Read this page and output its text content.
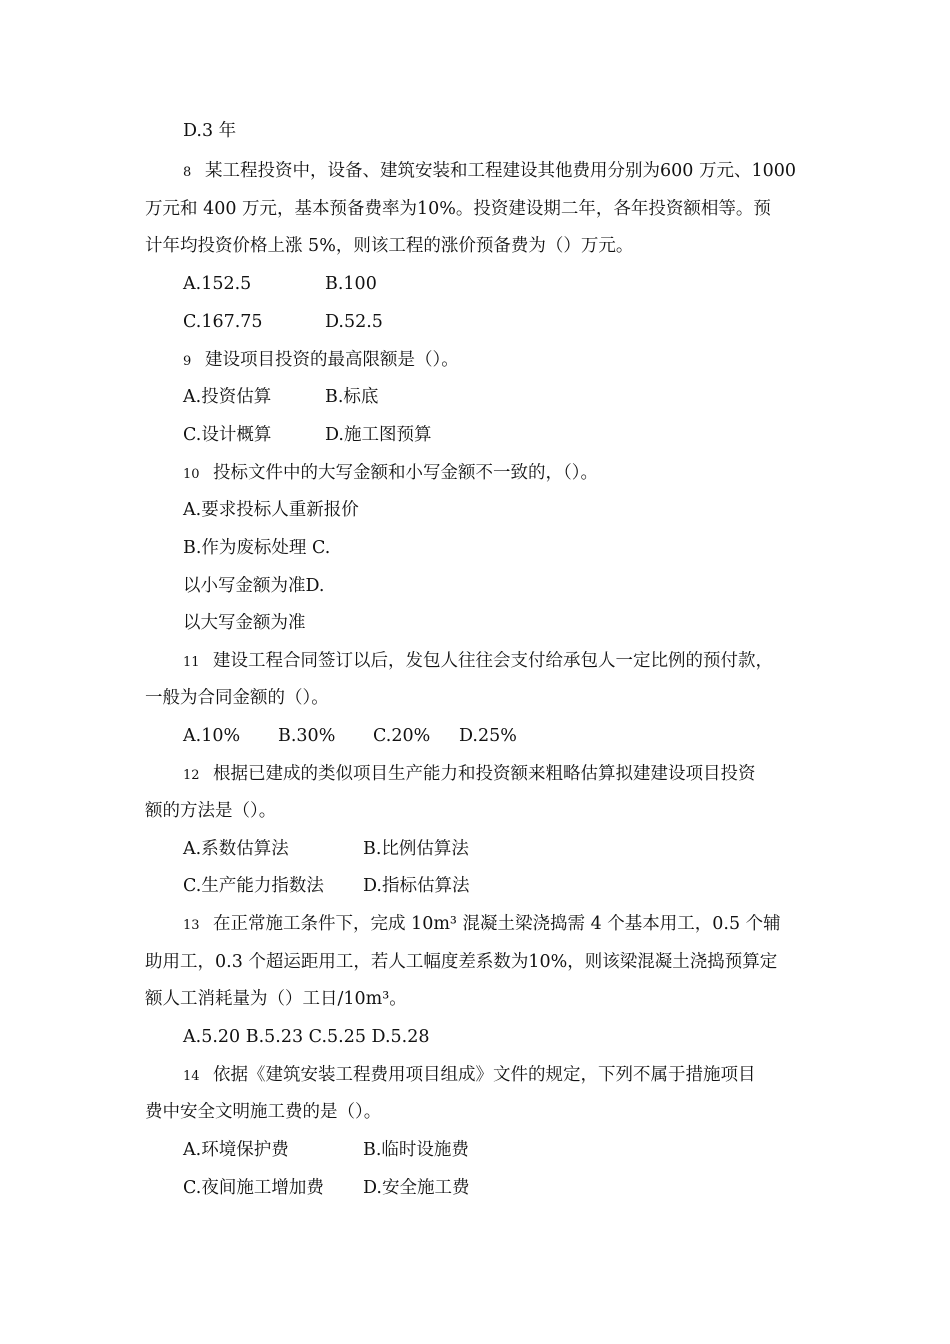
D.3 年
8 某工程投资中，设备、建筑安装和工程建设其他费用分别为600 万元、1000
万元和 400 万元，基本预备费率为10%。投资建设期二年，各年投资额相等。预
计年均投资价格上涨 5%，则该工程的涨价预备费为（）万元。
A.152.5	B.100
C.167.75	D.52.5
9 建设项目投资的最高限额是（）。
A.投资估算	B.标底
C.设计概算	D.施工图预算
10 投标文件中的大写金额和小写金额不一致的，（）。
A.要求投标人重新报价
B.作为废标处理 C.
以小写金额为准D.
以大写金额为准
11 建设工程合同签订以后，发包人往往会支付给承包人一定比例的预付款，
一般为合同金额的（）。
A.10% B.30% C.20% D.25%
12 根据已建成的类似项目生产能力和投资额来粗略估算拟建建设项目投资
额的方法是（）。
A.系数估算法	B.比例估算法
C.生产能力指数法 D.指标估算法
13 在正常施工条件下，完成 10m³ 混凝土梁浇捣需 4 个基本用工，0.5 个辅
助用工，0.3 个超运距用工，若人工幅度差系数为10%，则该梁混凝土浇捣预算定
额人工消耗量为（）工日/10m³。
A.5.20 B.5.23 C.5.25 D.5.28
14 依据《建筑安装工程费用项目组成》文件的规定，下列不属于措施项目
费中安全文明施工费的是（）。
A.环境保护费	B.临时设施费
C.夜间施工增加费 D.安全施工费
